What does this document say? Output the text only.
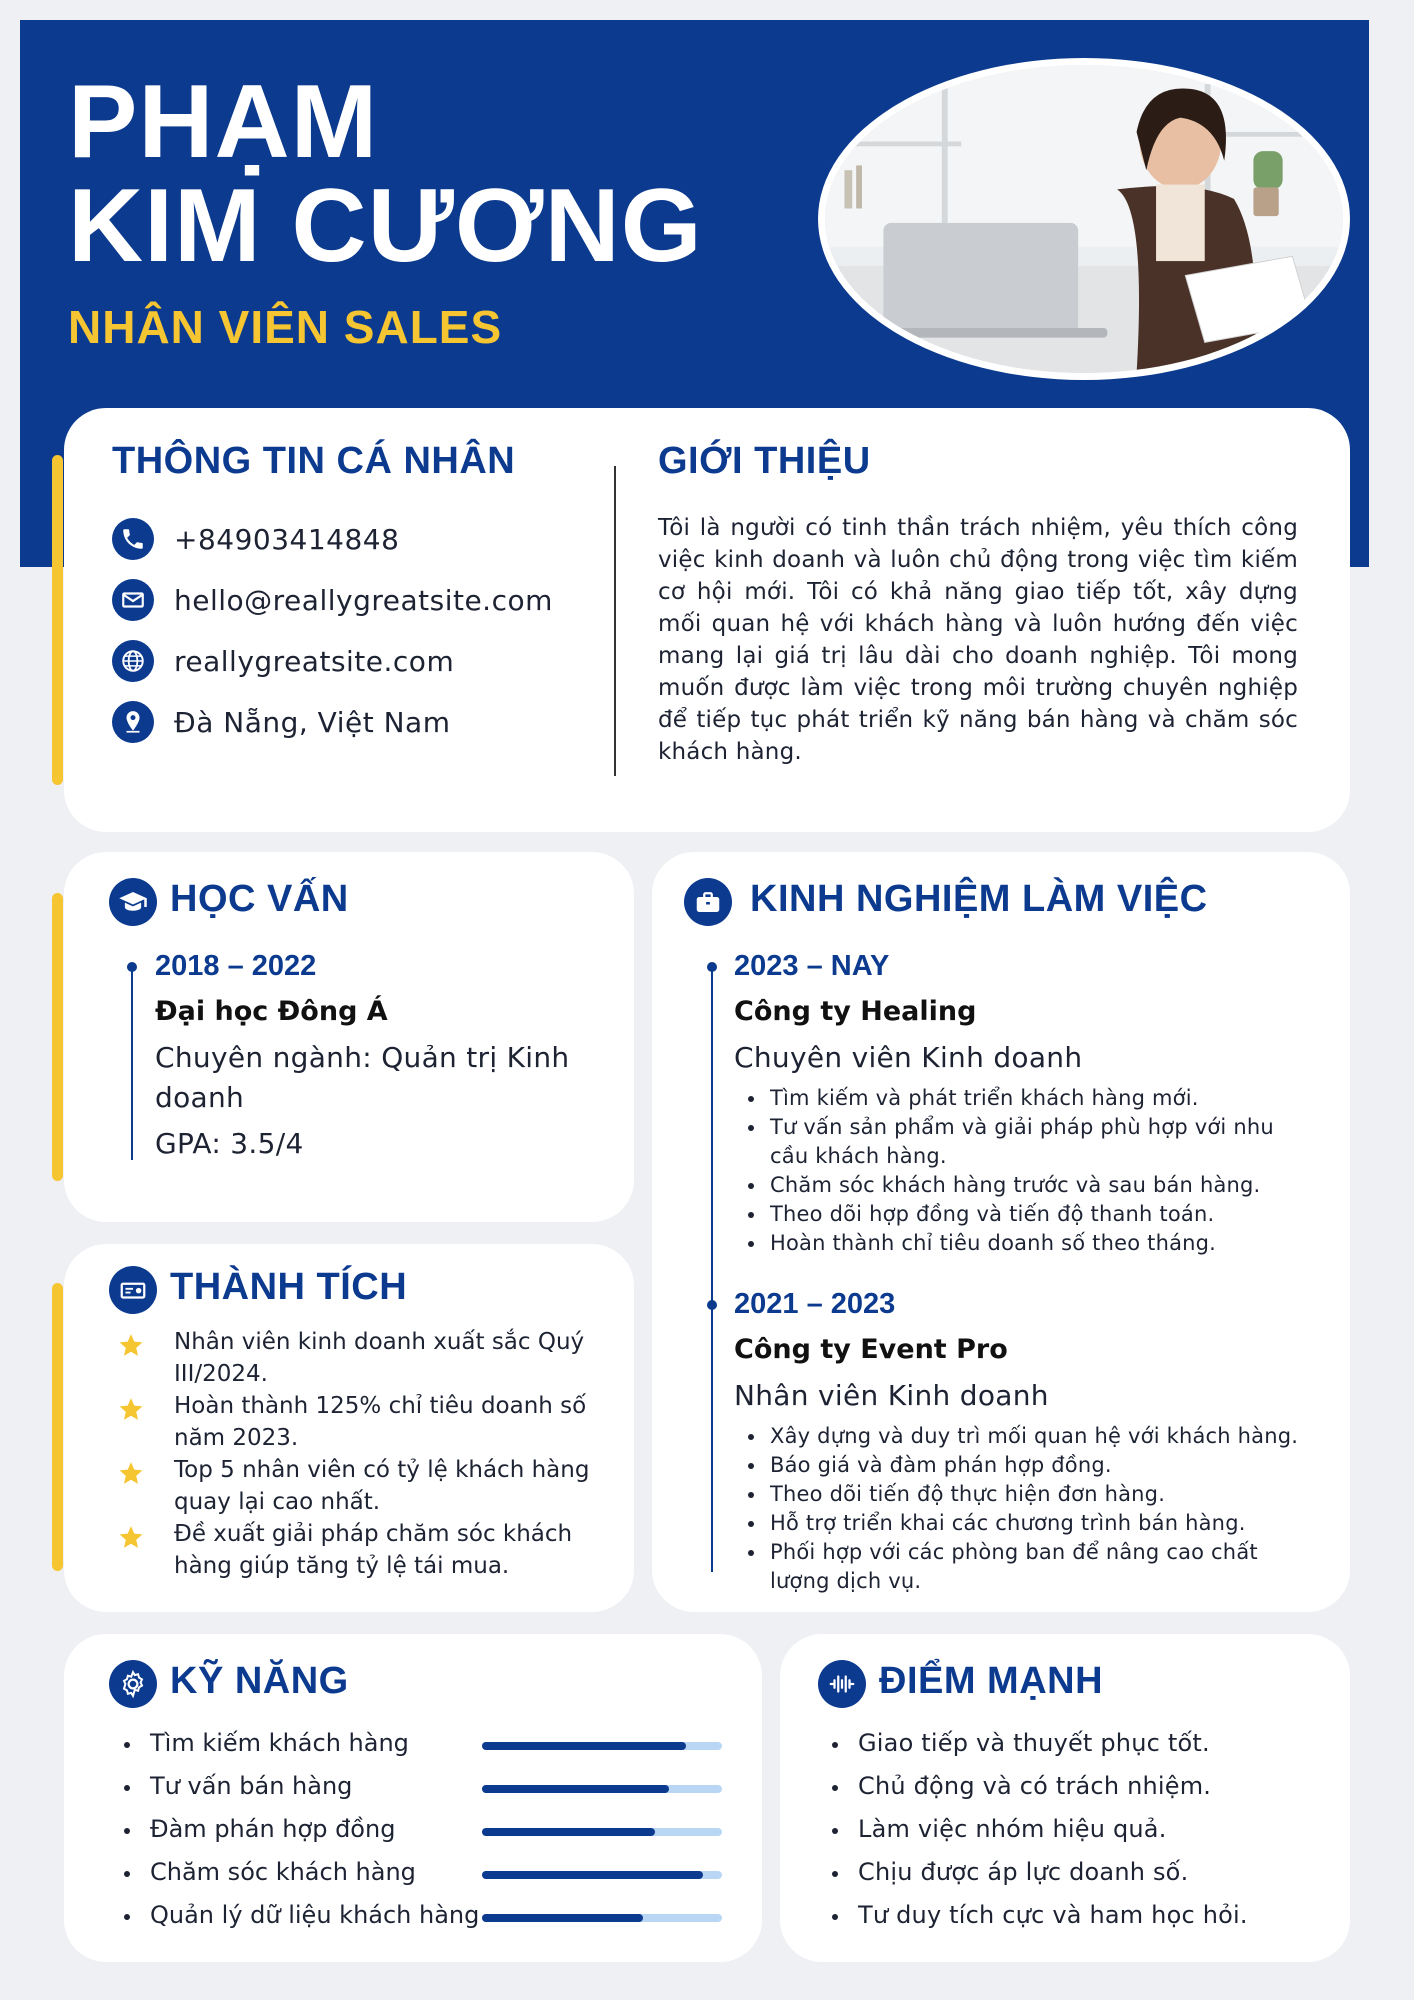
PHẠM
KIM CƯƠNG
NHÂN VIÊN SALES
THÔNG TIN CÁ NHÂN
+84903414848
hello@reallygreatsite.com
reallygreatsite.com
Đà Nẵng, Việt Nam
GIỚI THIỆU
Tôi là người có tinh thần trách nhiệm, yêu thích công việc kinh doanh và luôn chủ động trong việc tìm kiếm cơ hội mới. Tôi có khả năng giao tiếp tốt, xây dựng mối quan hệ với khách hàng và luôn hướng đến việc mang lại giá trị lâu dài cho doanh nghiệp. Tôi mong muốn được làm việc trong môi trường chuyên nghiệp để tiếp tục phát triển kỹ năng bán hàng và chăm sóc khách hàng.
HỌC VẤN
2018 – 2022
Đại học Đông Á
Chuyên ngành: Quản trị Kinh doanh
GPA: 3.5/4
THÀNH TÍCH
Nhân viên kinh doanh xuất sắc Quý III/2024.
Hoàn thành 125% chỉ tiêu doanh số năm 2023.
Top 5 nhân viên có tỷ lệ khách hàng quay lại cao nhất.
Đề xuất giải pháp chăm sóc khách hàng giúp tăng tỷ lệ tái mua.
KINH NGHIỆM LÀM VIỆC
2023 – NAY
Công ty Healing
Chuyên viên Kinh doanh
Tìm kiếm và phát triển khách hàng mới.
Tư vấn sản phẩm và giải pháp phù hợp với nhu cầu khách hàng.
Chăm sóc khách hàng trước và sau bán hàng.
Theo dõi hợp đồng và tiến độ thanh toán.
Hoàn thành chỉ tiêu doanh số theo tháng.
2021 – 2023
Công ty Event Pro
Nhân viên Kinh doanh
Xây dựng và duy trì mối quan hệ với khách hàng.
Báo giá và đàm phán hợp đồng.
Theo dõi tiến độ thực hiện đơn hàng.
Hỗ trợ triển khai các chương trình bán hàng.
Phối hợp với các phòng ban để nâng cao chất lượng dịch vụ.
KỸ NĂNG
Tìm kiếm khách hàng
Tư vấn bán hàng
Đàm phán hợp đồng
Chăm sóc khách hàng
Quản lý dữ liệu khách hàng
ĐIỂM MẠNH
Giao tiếp và thuyết phục tốt.
Chủ động và có trách nhiệm.
Làm việc nhóm hiệu quả.
Chịu được áp lực doanh số.
Tư duy tích cực và ham học hỏi.
